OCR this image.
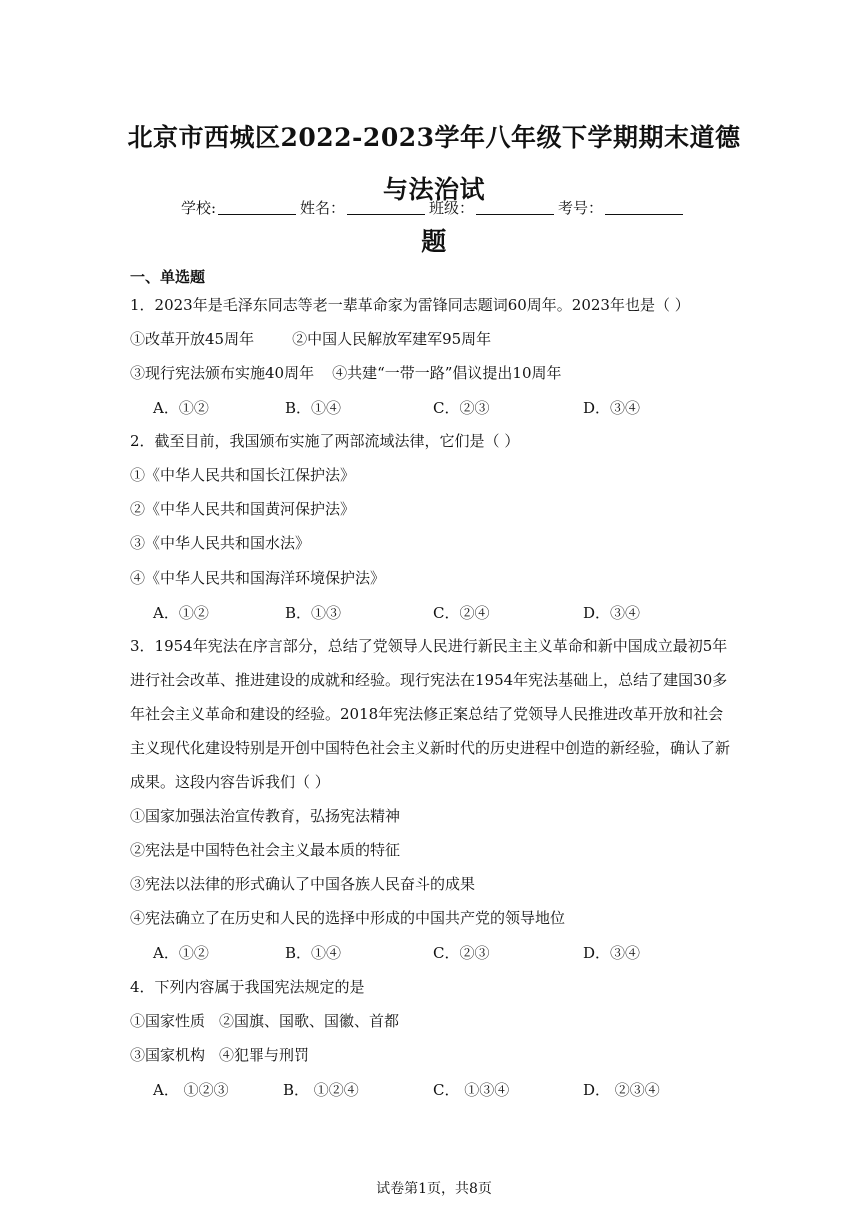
北京市西城区2022-2023学年八年级下学期期末道德与法治试
题
学校:	姓名：	班级：	考号：
一、单选题
1．2023年是毛泽东同志等老一辈革命家为雷锋同志题词60周年。2023年也是（ ）
①改革开放45周年	②中国人民解放军建军95周年
③现行宪法颁布实施40周年 ④共建“一带一路”倡议提出10周年
A．①②	B．①④	C．②③	D．③④
2．截至目前，我国颁布实施了两部流域法律，它们是（ ）
①《中华人民共和国长江保护法》
②《中华人民共和国黄河保护法》
③《中华人民共和国水法》
④《中华人民共和国海洋环境保护法》
A．①②	B．①③	C．②④	D．③④
3．1954年宪法在序言部分，总结了党领导人民进行新民主主义革命和新中国成立最初5年
进行社会改革、推进建设的成就和经验。现行宪法在1954年宪法基础上，总结了建国30多
年社会主义革命和建设的经验。2018年宪法修正案总结了党领导人民推进改革开放和社会
主义现代化建设特别是开创中国特色社会主义新时代的历史进程中创造的新经验，确认了新
成果。这段内容告诉我们（ ）
①国家加强法治宣传教育，弘扬宪法精神
②宪法是中国特色社会主义最本质的特征
③宪法以法律的形式确认了中国各族人民奋斗的成果
④宪法确立了在历史和人民的选择中形成的中国共产党的领导地位
A．①②	B．①④	C．②③	D．③④
4．下列内容属于我国宪法规定的是
①国家性质 ②国旗、国歌、国徽、首都
③国家机构 ④犯罪与刑罚
A． ①②③	B． ①②④	C． ①③④	D． ②③④
试卷第1页，共8页
